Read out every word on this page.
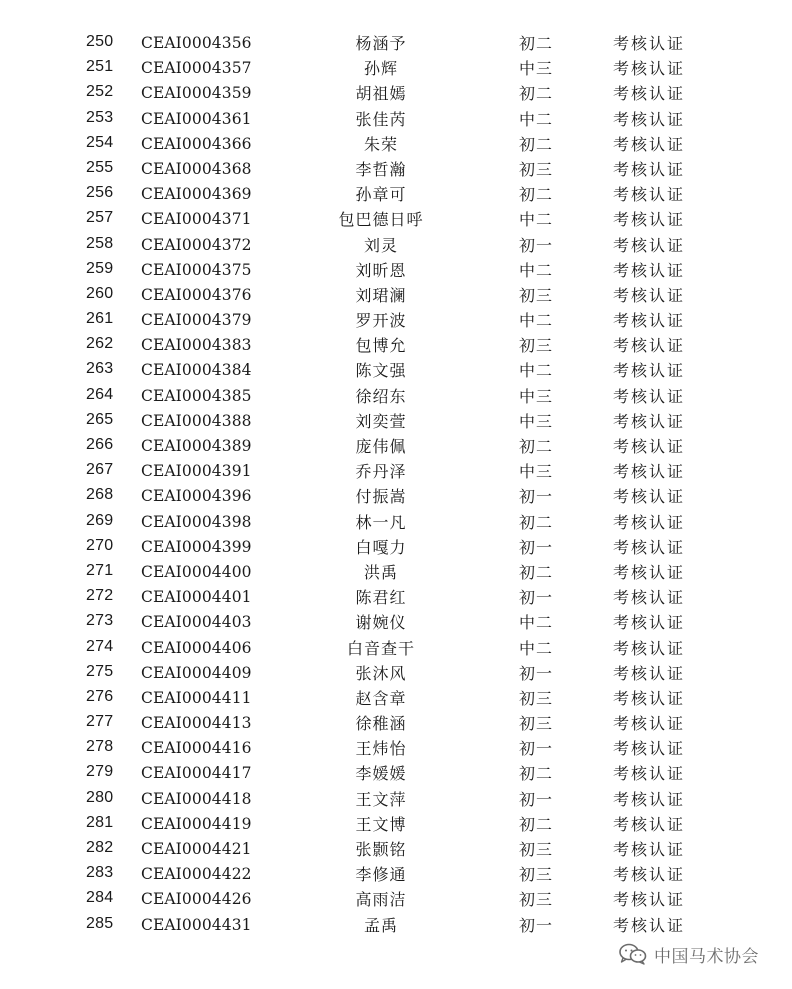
250 CEAI0004356	杨涵予	初二	考核认证
251 CEAI0004357	孙辉	中三	考核认证
252 CEAI0004359	胡祖嫣	初二	考核认证
253 CEAI0004361	张佳芮	中二	考核认证
254 CEAI0004366	朱荣	初二	考核认证
255 CEAI0004368	李哲瀚	初三	考核认证
256 CEAI0004369	孙章可	初二	考核认证
257 CEAI0004371	包巴德日呼	中二	考核认证
258 CEAI0004372	刘灵	初一	考核认证
259 CEAI0004375	刘昕恩	中二	考核认证
260 CEAI0004376	刘珺澜	初三	考核认证
261 CEAI0004379	罗开波	中二	考核认证
262 CEAI0004383	包博允	初三	考核认证
263 CEAI0004384	陈文强	中二	考核认证
264 CEAI0004385	徐绍东	中三	考核认证
265 CEAI0004388	刘奕萱	中三	考核认证
266 CEAI0004389	庞伟佩	初二	考核认证
267 CEAI0004391	乔丹泽	中三	考核认证
268 CEAI0004396	付振嵩	初一	考核认证
269 CEAI0004398	林一凡	初二	考核认证
270 CEAI0004399	白嘎力	初一	考核认证
271 CEAI0004400	洪禹	初二	考核认证
272 CEAI0004401	陈君红	初一	考核认证
273 CEAI0004403	谢婉仪	中二	考核认证
274 CEAI0004406	白音查干	中二	考核认证
275 CEAI0004409	张沐风	初一	考核认证
276 CEAI0004411	赵含章	初三	考核认证
277 CEAI0004413	徐稚涵	初三	考核认证
278 CEAI0004416	王炜怡	初一	考核认证
279 CEAI0004417	李媛媛	初二	考核认证
280 CEAI0004418	王文萍	初一	考核认证
281 CEAI0004419	王文博	初二	考核认证
282 CEAI0004421	张颢铭	初三	考核认证
283 CEAI0004422	李修通	初三	考核认证
284 CEAI0004426	高雨洁	初三	考核认证
285 CEAI0004431	孟禹	初一	考核认证
中国马术协会
